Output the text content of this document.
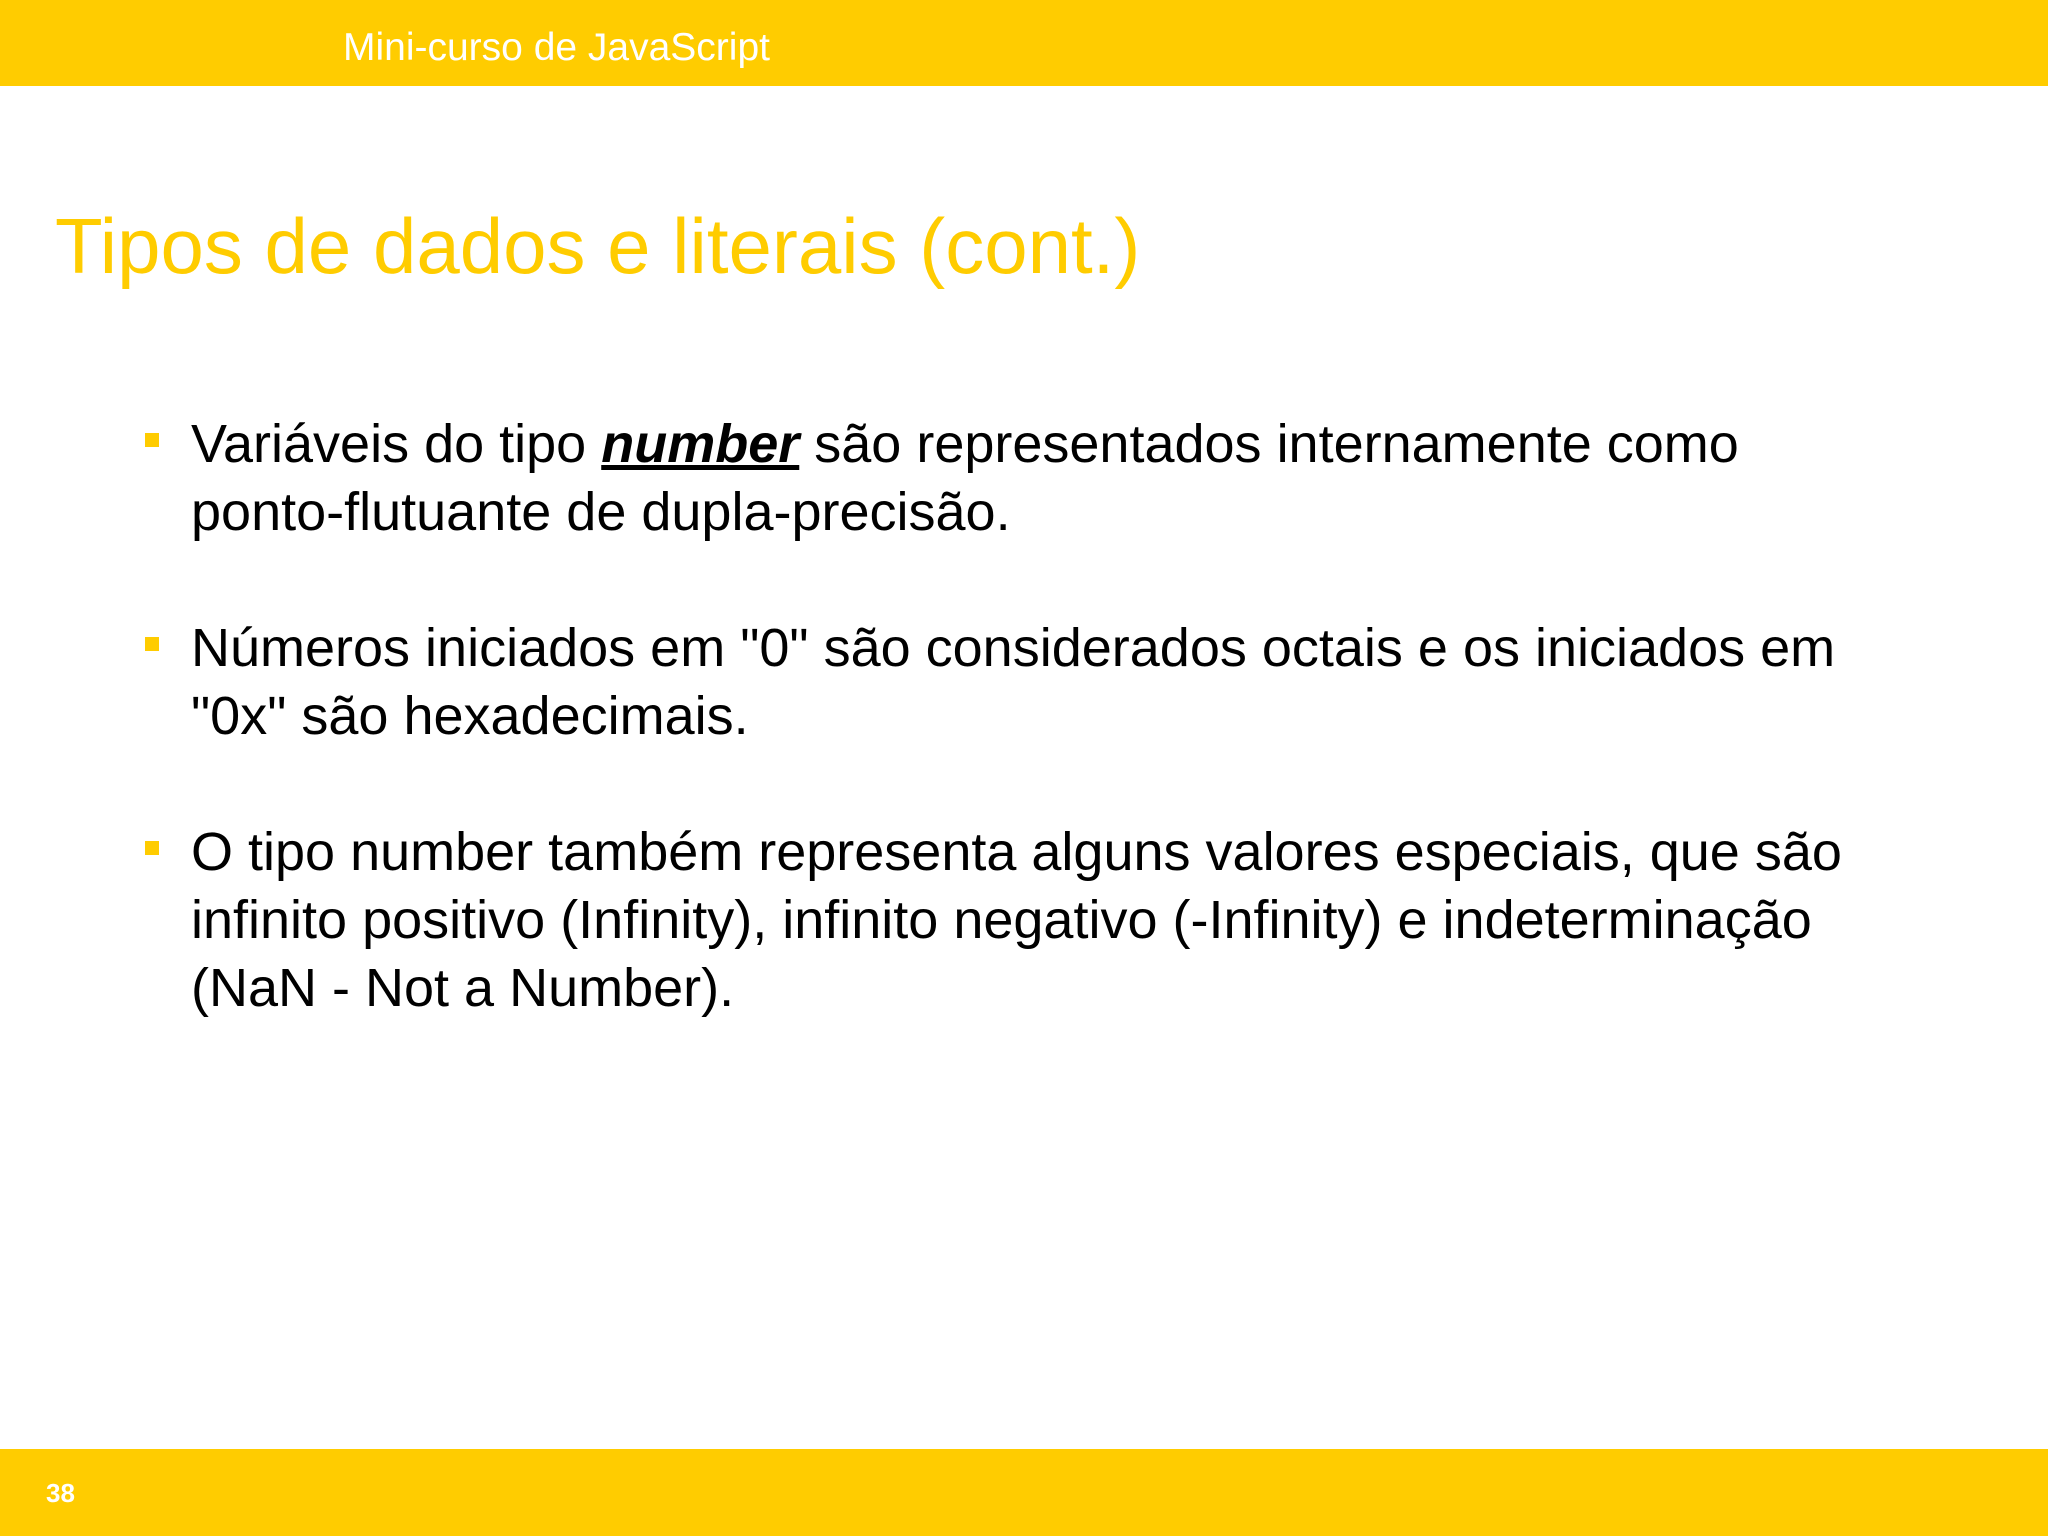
Mini-curso de JavaScript
Tipos de dados e literais (cont.)
Variáveis do tipo number são representados internamente como ponto-flutuante de dupla-precisão.
Números iniciados em "0" são considerados octais e os iniciados em "0x" são hexadecimais.
O tipo number também representa alguns valores especiais, que são infinito positivo (Infinity), infinito negativo (-Infinity) e indeterminação (NaN - Not a Number).
38
